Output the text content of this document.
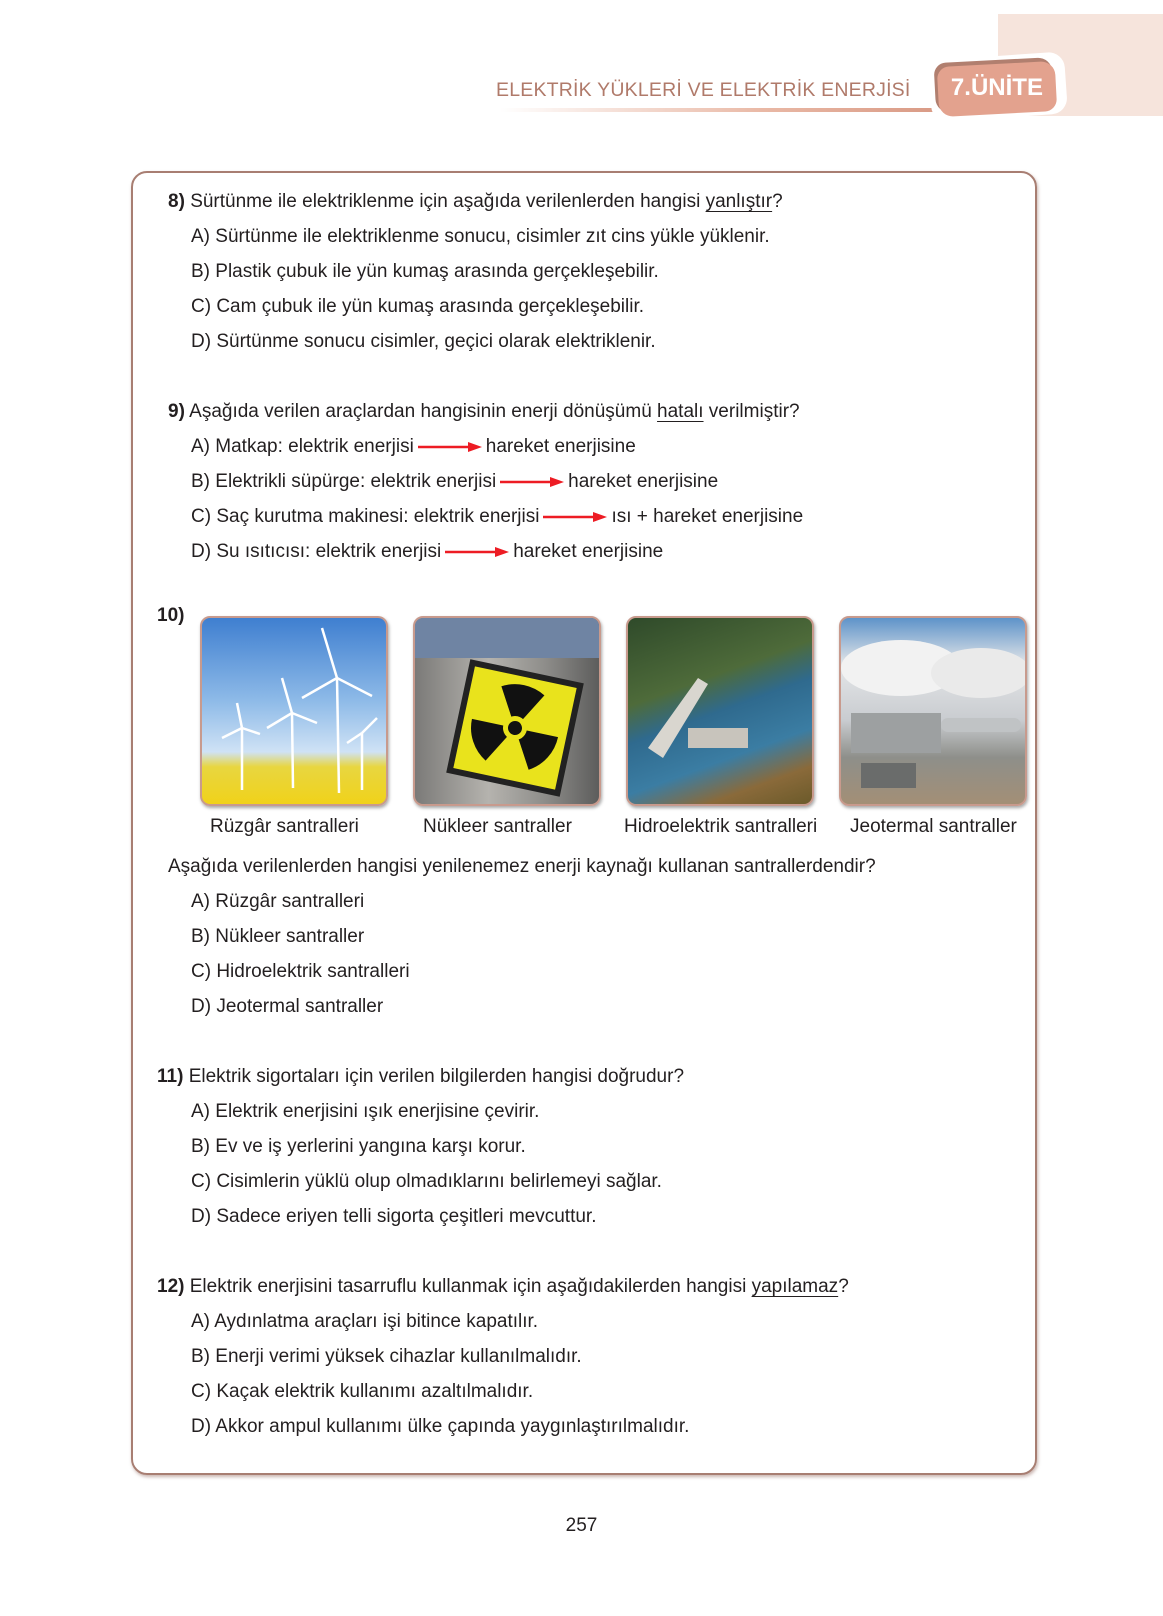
ELEKTRİK YÜKLERİ VE ELEKTRİK ENERJİSİ	7.ÜNİTE
8) Sürtünme ile elektriklenme için aşağıda verilenlerden hangisi yanlıştır?
A) Sürtünme ile elektriklenme sonucu, cisimler zıt cins yükle yüklenir.
B) Plastik çubuk ile yün kumaş arasında gerçekleşebilir.
C) Cam çubuk ile yün kumaş arasında gerçekleşebilir.
D) Sürtünme sonucu cisimler, geçici olarak elektriklenir.
9) Aşağıda verilen araçlardan hangisinin enerji dönüşümü hatalı verilmiştir?
A) Matkap: elektrik enerjisi	hareket enerjisine
B) Elektrikli süpürge: elektrik enerjisi	hareket enerjisine
C) Saç kurutma makinesi: elektrik enerjisi	ısı + hareket enerjisine
D) Su ısıtıcısı: elektrik enerjisi	hareket enerjisine
10)
Rüzgâr santralleri	Nükleer santraller	Hidroelektrik santralleri Jeotermal santraller
Aşağıda verilenlerden hangisi yenilenemez enerji kaynağı kullanan santrallerdendir?
A) Rüzgâr santralleri
B) Nükleer santraller
C) Hidroelektrik santralleri
D) Jeotermal santraller
11) Elektrik sigortaları için verilen bilgilerden hangisi doğrudur?
A) Elektrik enerjisini ışık enerjisine çevirir.
B) Ev ve iş yerlerini yangına karşı korur.
C) Cisimlerin yüklü olup olmadıklarını belirlemeyi sağlar.
D) Sadece eriyen telli sigorta çeşitleri mevcuttur.
12) Elektrik enerjisini tasarruflu kullanmak için aşağıdakilerden hangisi yapılamaz?
A) Aydınlatma araçları işi bitince kapatılır.
B) Enerji verimi yüksek cihazlar kullanılmalıdır.
C) Kaçak elektrik kullanımı azaltılmalıdır.
D) Akkor ampul kullanımı ülke çapında yaygınlaştırılmalıdır.
257
